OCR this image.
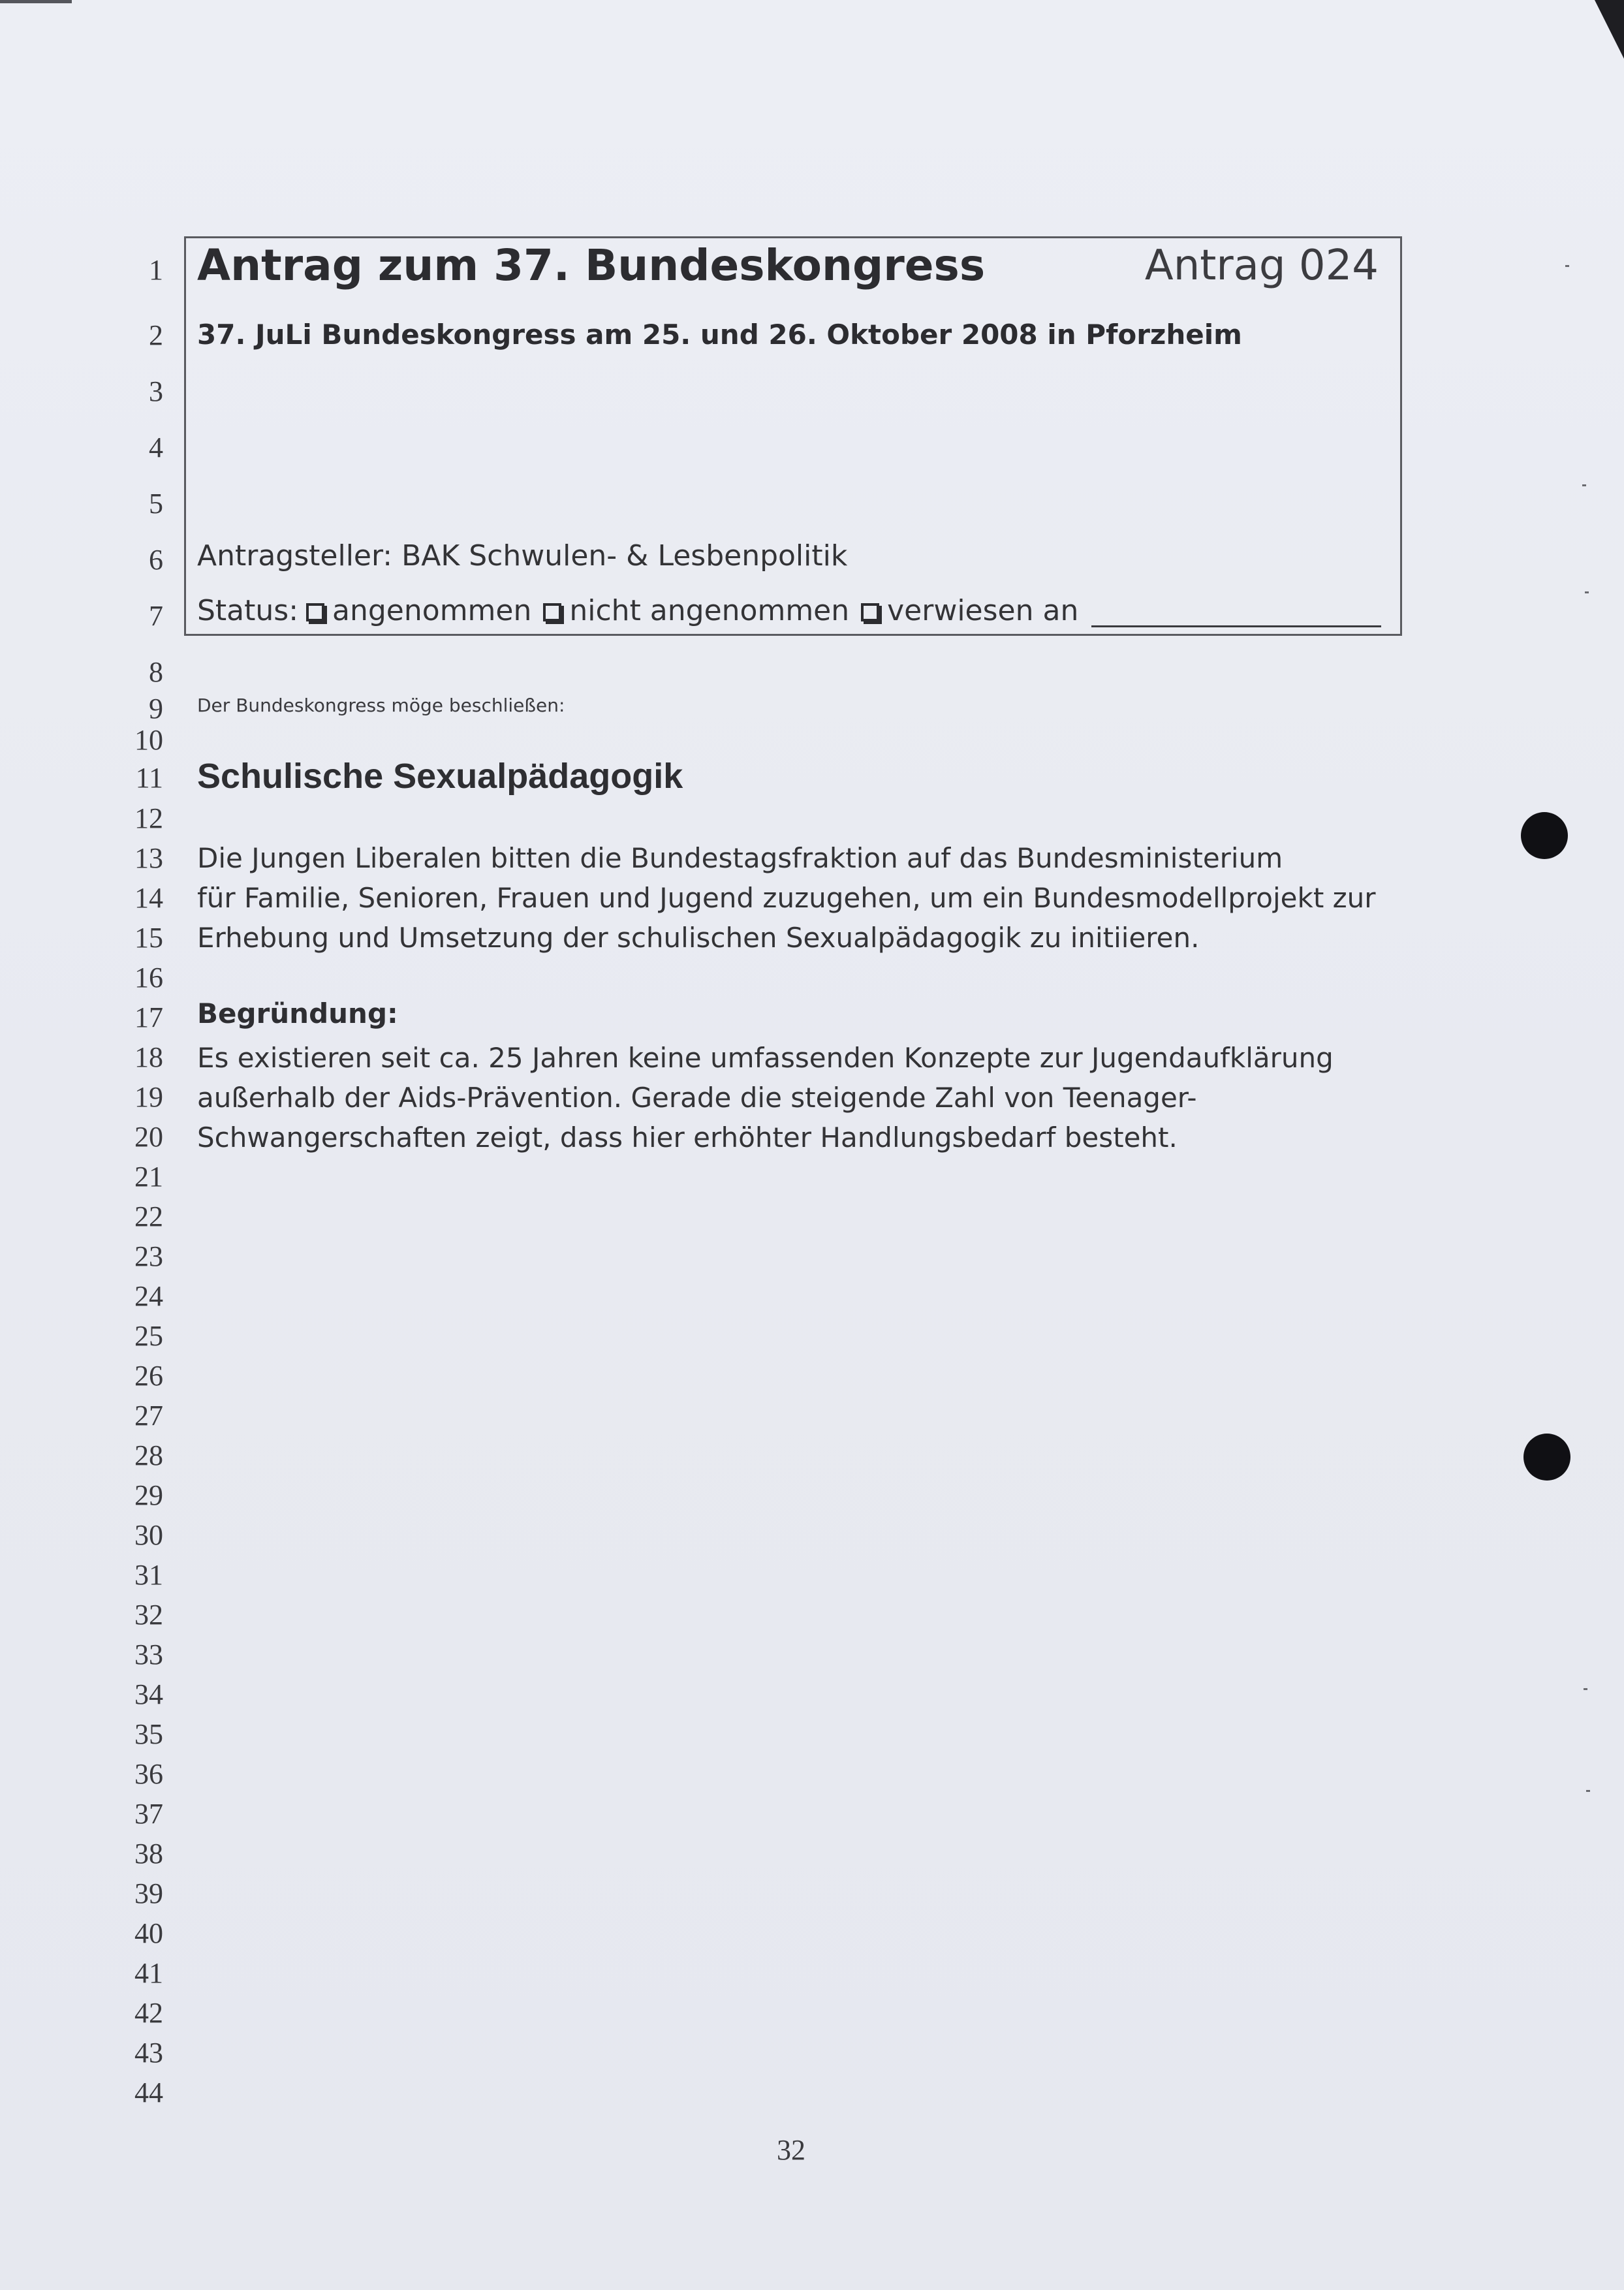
1
2
3
4
5
6
7
8
9
10
11
12
13
14
15
16
17
18
19
20
21
22
23
24
25
26
27
28
29
30
31
32
33
34
35
36
37
38
39
40
41
42
43
44
Antrag zum 37. Bundeskongress	Antrag 024
37. JuLi Bundeskongress am 25. und 26. Oktober 2008 in Pforzheim
Antragsteller: BAK Schwulen- & Lesbenpolitik
Status: angenommen nicht angenommen verwiesen an
Der Bundeskongress möge beschließen:
Schulische Sexualpädagogik
Die Jungen Liberalen bitten die Bundestagsfraktion auf das Bundesministerium
für Familie, Senioren, Frauen und Jugend zuzugehen, um ein Bundesmodellprojekt zur
Erhebung und Umsetzung der schulischen Sexualpädagogik zu initiieren.
Begründung:
Es existieren seit ca. 25 Jahren keine umfassenden Konzepte zur Jugendaufklärung
außerhalb der Aids-Prävention. Gerade die steigende Zahl von Teenager-
Schwangerschaften zeigt, dass hier erhöhter Handlungsbedarf besteht.
32
